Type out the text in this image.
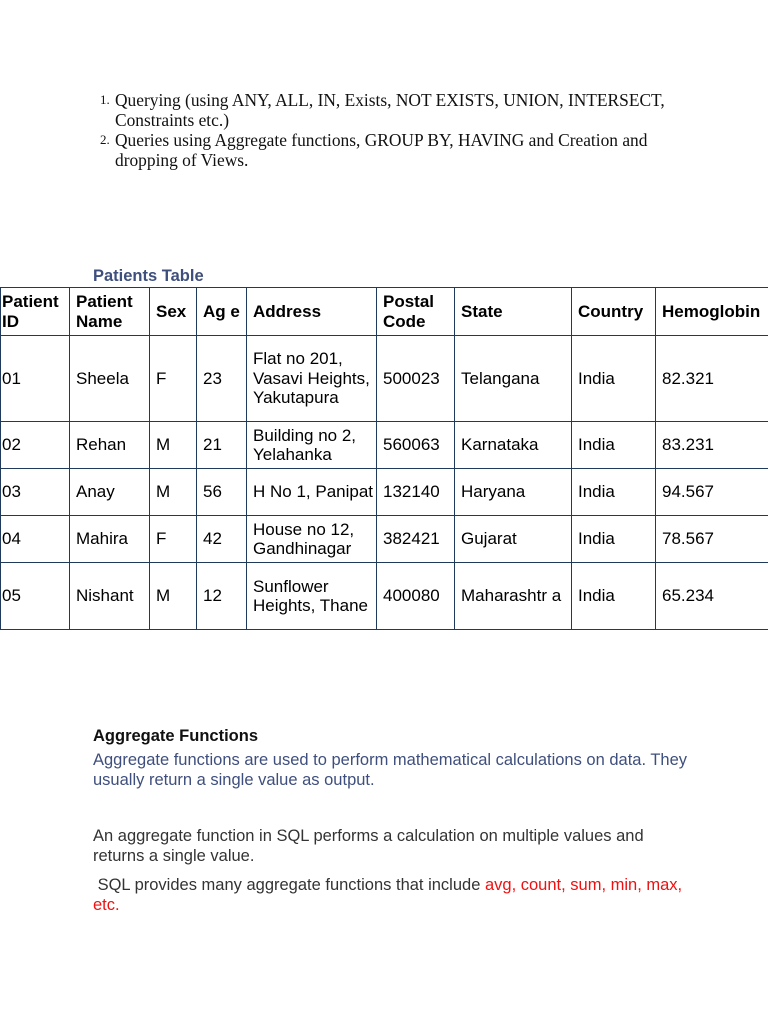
1. Querying (using ANY, ALL, IN, Exists, NOT EXISTS, UNION, INTERSECT, Constraints etc.)
2. Queries using Aggregate functions, GROUP BY, HAVING and Creation and dropping of Views.
Patients Table
Patient ID	Patient Name	Sex	Ag e	Address	Postal Code	State	Country	Hemoglobin
01	Sheela	F	23	Flat no 201, Vasavi Heights, Yakutapura	500023	Telangana	India	82.321
02	Rehan	M	21	Building no 2, Yelahanka	560063	Karnataka	India	83.231
03	Anay	M	56	H No 1, Panipat	132140	Haryana	India	94.567
04	Mahira	F	42	House no 12, Gandhinagar	382421	Gujarat	India	78.567
05	Nishant	M	12	Sunflower Heights, Thane	400080	Maharashtr a	India	65.234
Aggregate Functions

Aggregate functions are used to perform mathematical calculations on data. They usually return a single value as output.

An aggregate function in SQL performs a calculation on multiple values and returns a single value.

SQL provides many aggregate functions that include avg, count, sum, min, max, etc.
